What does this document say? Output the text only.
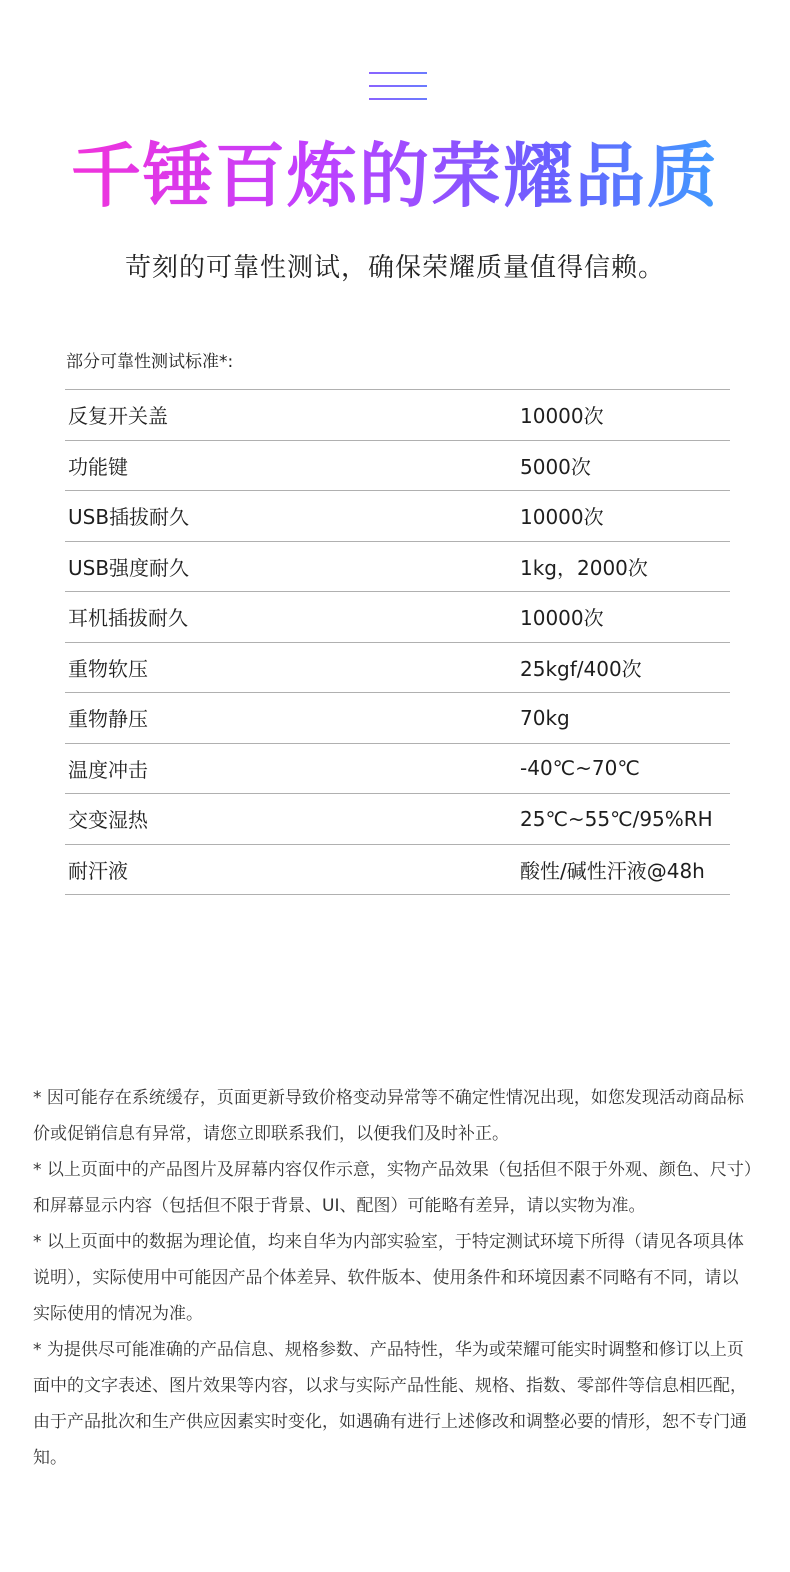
千锤百炼的荣耀品质
苛刻的可靠性测试，确保荣耀质量值得信赖。
部分可靠性测试标准*:
反复开关盖	10000次
功能键	5000次
USB插拔耐久	10000次
USB强度耐久	1kg，2000次
耳机插拔耐久	10000次
重物软压	25kgf/400次
重物静压	70kg
温度冲击	-40℃~70℃
交变湿热	25℃~55℃/95%RH
耐汗液	酸性/碱性汗液@48h

* 因可能存在系统缓存，页面更新导致价格变动异常等不确定性情况出现，如您发现活动商品标价或促销信息有异常，请您立即联系我们，以便我们及时补正。

* 以上页面中的产品图片及屏幕内容仅作示意，实物产品效果（包括但不限于外观、颜色、尺寸）和屏幕显示内容（包括但不限于背景、UI、配图）可能略有差异，请以实物为准。

* 以上页面中的数据为理论值，均来自华为内部实验室，于特定测试环境下所得（请见各项具体说明），实际使用中可能因产品个体差异、软件版本、使用条件和环境因素不同略有不同，请以实际使用的情况为准。

* 为提供尽可能准确的产品信息、规格参数、产品特性，华为或荣耀可能实时调整和修订以上页面中的文字表述、图片效果等内容，以求与实际产品性能、规格、指数、零部件等信息相匹配，由于产品批次和生产供应因素实时变化，如遇确有进行上述修改和调整必要的情形，恕不专门通知。
